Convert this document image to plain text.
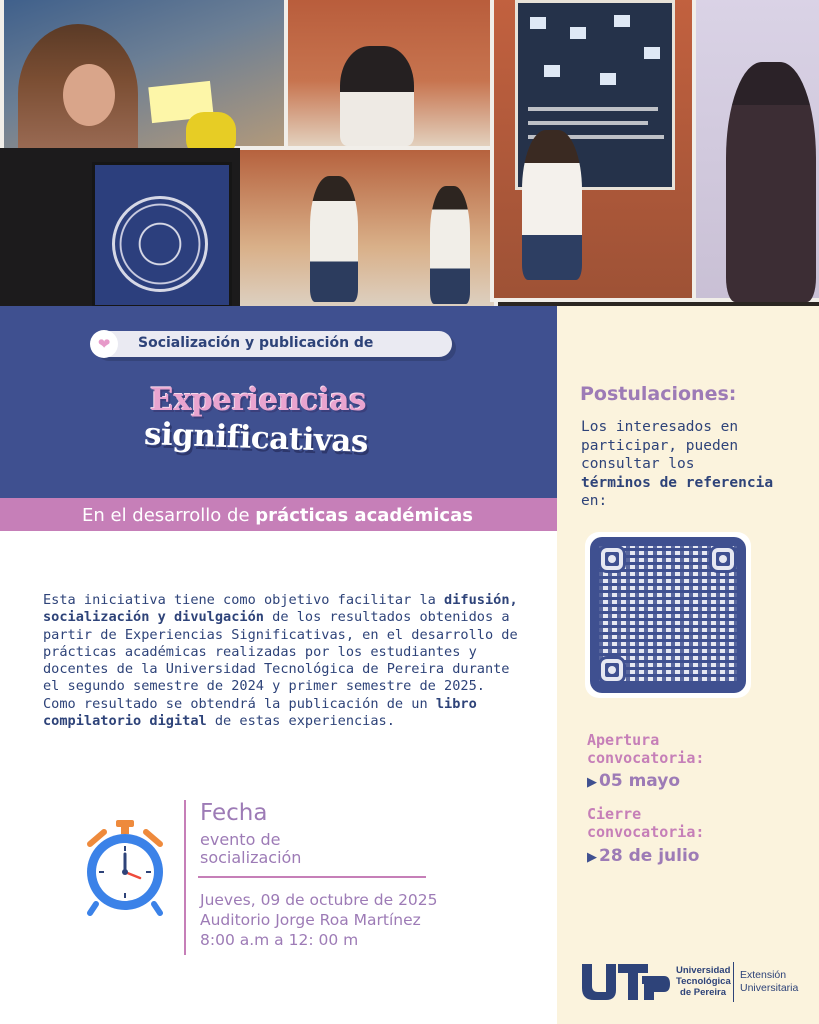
❤	Socialización y publicación de
Experiencias
significativas
En el desarrollo de prácticas académicas
Postulaciones:
Los interesados en
participar, pueden
consultar los
términos de referencia
en:
Apertura
convocatoria:
▶ 05 mayo
Cierre
convocatoria:
▶ 28 de julio
Esta iniciativa tiene como objetivo facilitar la difusión, socialización y divulgación de los resultados obtenidos a partir de Experiencias Significativas, en el desarrollo de prácticas académicas realizadas por los estudiantes y docentes de la Universidad Tecnológica de Pereira durante el segundo semestre de 2024 y primer semestre de 2025. Como resultado se obtendrá la publicación de un libro compilatorio digital de estas experiencias.
Fecha
evento de
socialización
Jueves, 09 de octubre de 2025
Auditorio Jorge Roa Martínez
8:00 a.m a 12: 00 m
Universidad
Tecnológica
de Pereira
Extensión
Universitaria
